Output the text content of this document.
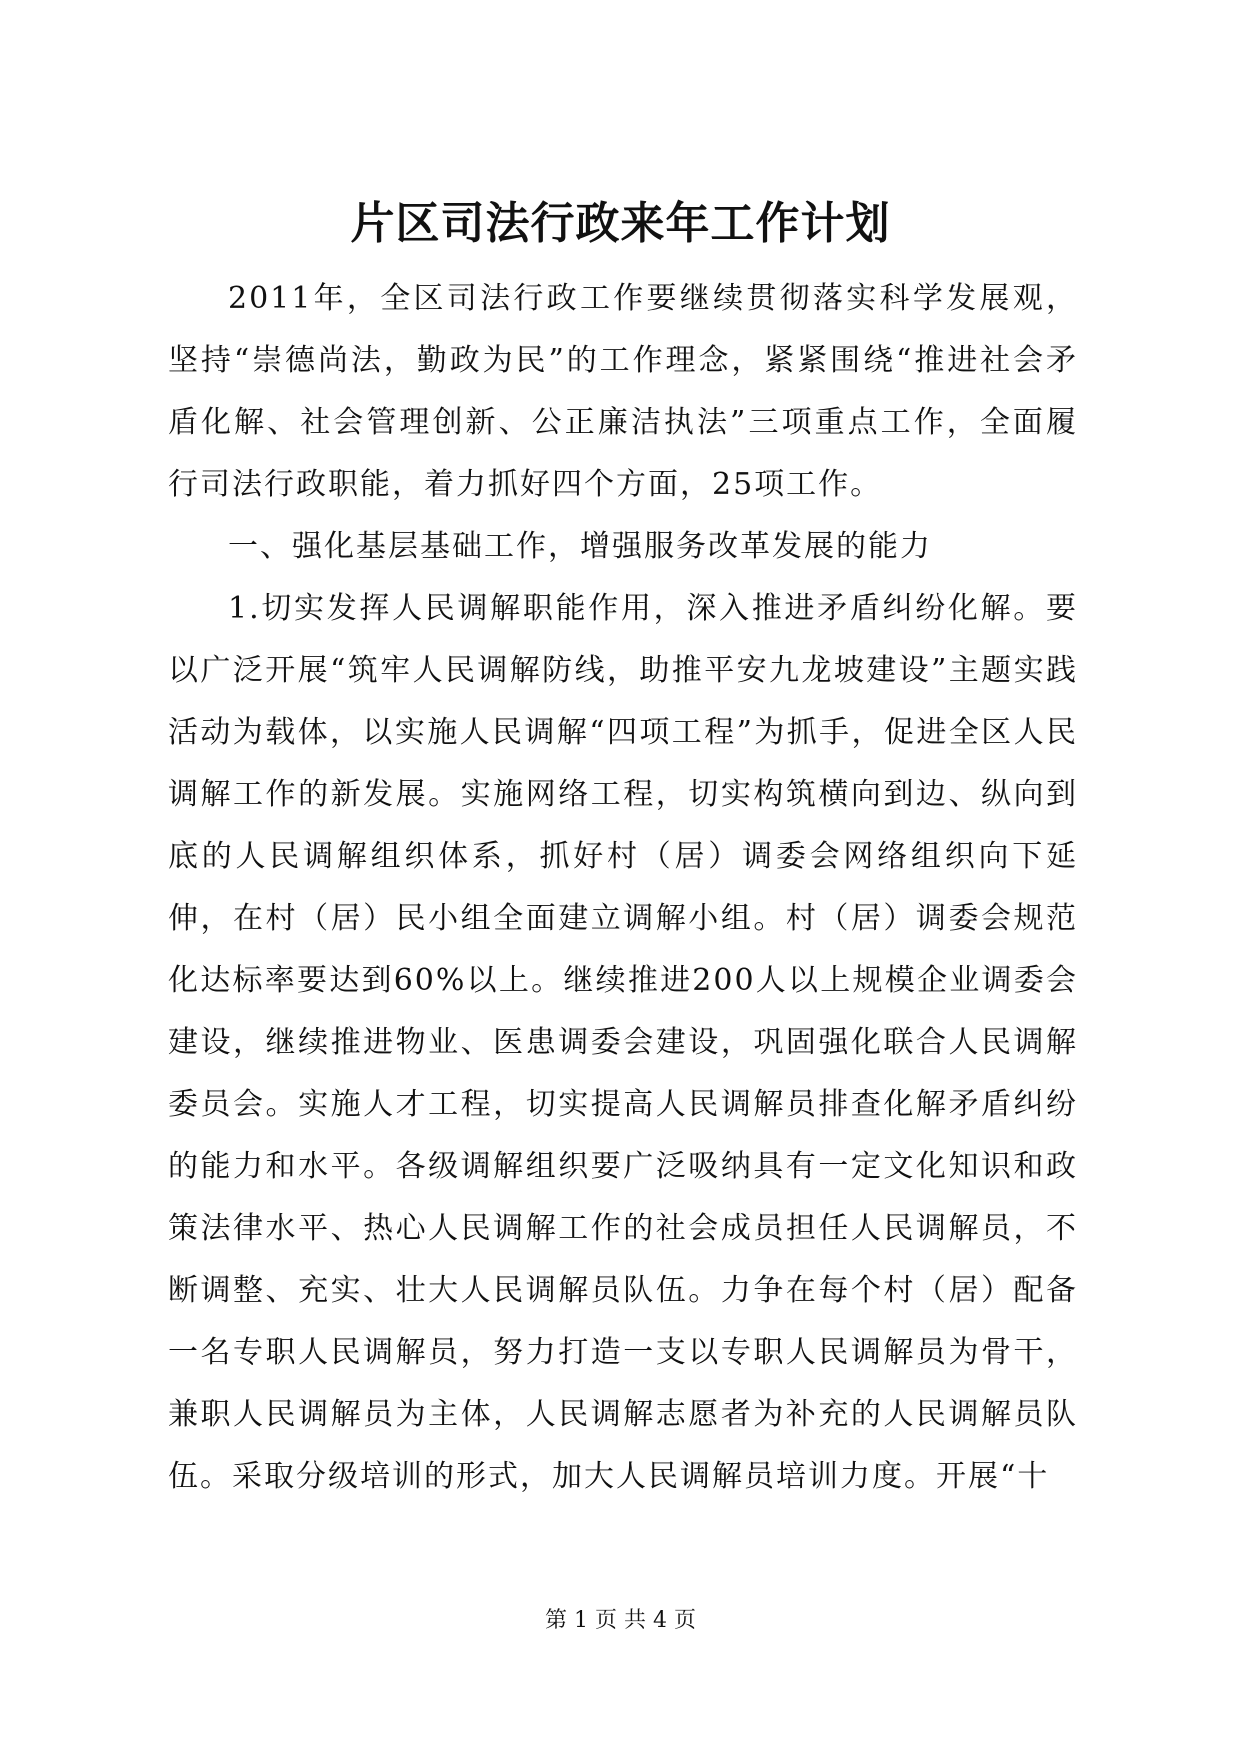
片区司法行政来年工作计划

2011年，全区司法行政工作要继续贯彻落实科学发展观，坚持“崇德尚法，勤政为民”的工作理念，紧紧围绕“推进社会矛盾化解、社会管理创新、公正廉洁执法”三项重点工作，全面履行司法行政职能，着力抓好四个方面，25项工作。

一、强化基层基础工作，增强服务改革发展的能力

1.切实发挥人民调解职能作用，深入推进矛盾纠纷化解。要以广泛开展“筑牢人民调解防线，助推平安九龙坡建设”主题实践活动为载体，以实施人民调解“四项工程”为抓手，促进全区人民调解工作的新发展。实施网络工程，切实构筑横向到边、纵向到底的人民调解组织体系，抓好村（居）调委会网络组织向下延伸，在村（居）民小组全面建立调解小组。村（居）调委会规范化达标率要达到60%以上。继续推进200人以上规模企业调委会建设，继续推进物业、医患调委会建设，巩固强化联合人民调解委员会。实施人才工程，切实提高人民调解员排查化解矛盾纠纷的能力和水平。各级调解组织要广泛吸纳具有一定文化知识和政策法律水平、热心人民调解工作的社会成员担任人民调解员，不断调整、充实、壮大人民调解员队伍。力争在每个村（居）配备一名专职人民调解员，努力打造一支以专职人民调解员为骨干，兼职人民调解员为主体，人民调解志愿者为补充的人民调解员队伍。采取分级培训的形式，加大人民调解员培训力度。开展“十

第 1 页 共 4 页
